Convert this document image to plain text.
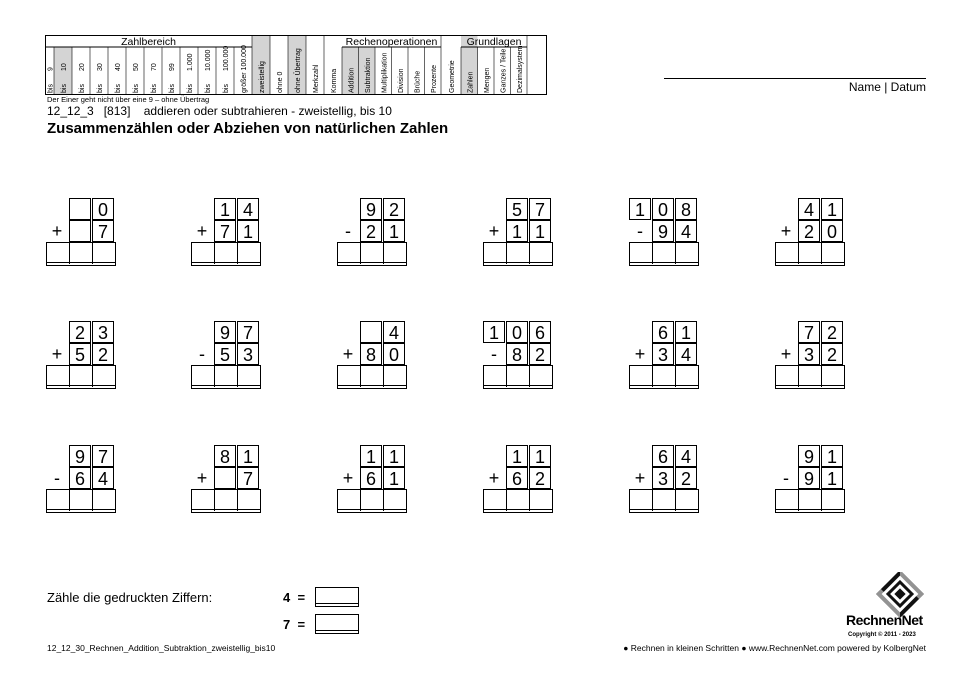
Zahlbereich	Rechenoperationen	Grundlagen
bis
9
bis
10
bis
20
bis
30
bis
40
bis
50
bis
70
bis
99
bis
1.000
bis
10.000
bis
100.000 größer 100.000 zweistellig ohne 0 ohne Übertrag Merkzahl Komma Addition Subtraktion Multiplikation Division Brüche Prozente Geometrie Zahlen Mengen Ganzes / Teile Dezimalsystem	Name | Datum
Der Einer geht nicht über eine 9 – ohne Übertrag
12_12_3   [813]    addieren oder subtrahieren - zweistellig, bis 10
Zusammenzählen oder Abziehen von natürlichen Zahlen
0
+	7
1 4
+ 7 1
9 2
- 2 1
5 7
+ 1 1
1 0 8
- 9 4
4 1
+ 2 0
2 3
+ 5 2
9 7
- 5 3
4
+ 8 0
1 0 6
- 8 2
6 1
+ 3 4
7 2
+ 3 2
9 7
- 6 4
8 1
+	7
1 1
+ 6 1
1 1
+ 6 2
6 4
+ 3 2
9 1
- 9 1
Zähle die gedruckten Ziffern:	4 =
7 =
12_12_30_Rechnen_Addition_Subtraktion_zweistellig_bis10	● Rechnen in kleinen Schritten ● www.RechnenNet.com powered by KolbergNet
RechnenNet
Copyright © 2011 - 2023
